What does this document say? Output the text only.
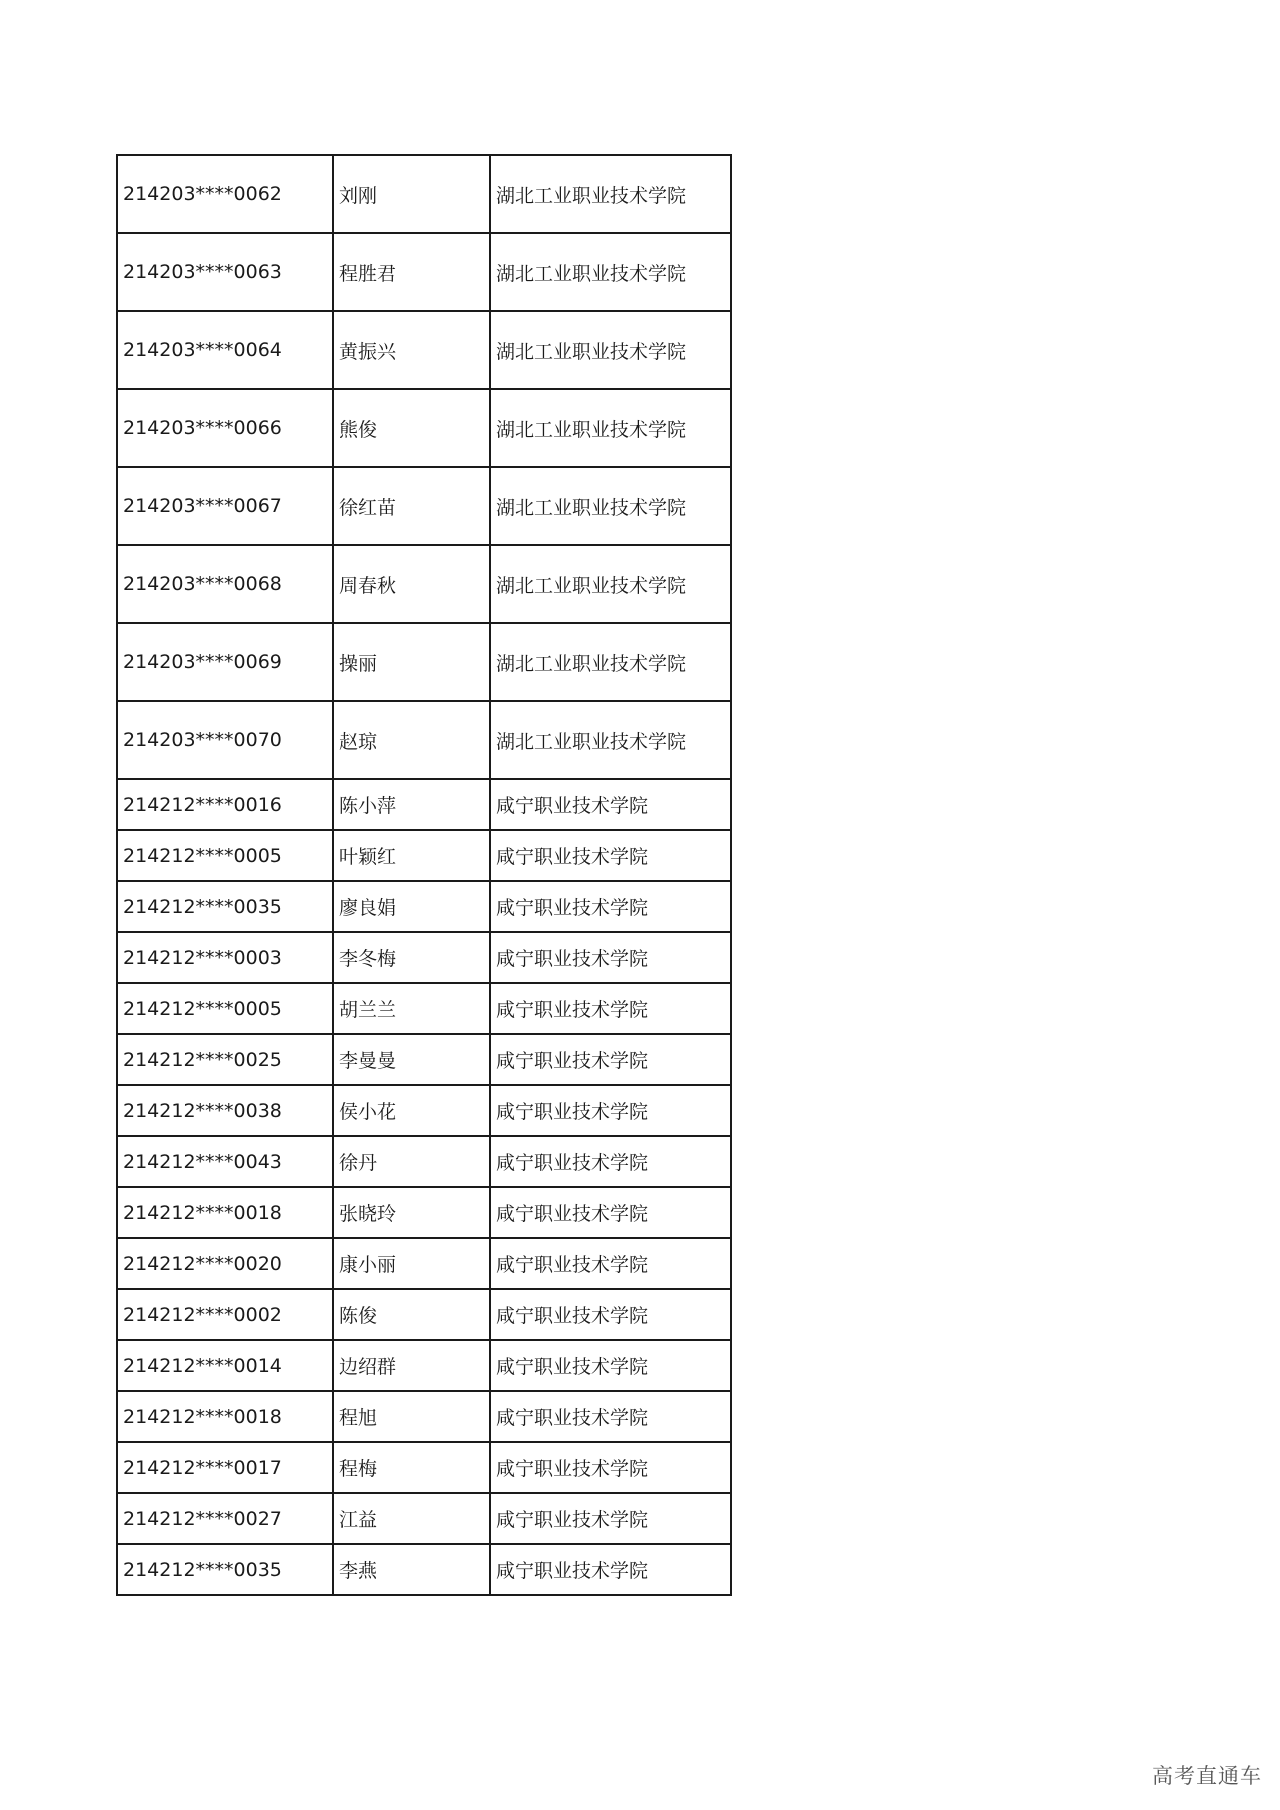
214203****0062	刘刚	湖北工业职业技术学院
214203****0063	程胜君	湖北工业职业技术学院
214203****0064	黄振兴	湖北工业职业技术学院
214203****0066	熊俊	湖北工业职业技术学院
214203****0067	徐红苗	湖北工业职业技术学院
214203****0068	周春秋	湖北工业职业技术学院
214203****0069	操丽	湖北工业职业技术学院
214203****0070	赵琼	湖北工业职业技术学院
214212****0016	陈小萍	咸宁职业技术学院
214212****0005	叶颖红	咸宁职业技术学院
214212****0035	廖良娟	咸宁职业技术学院
214212****0003	李冬梅	咸宁职业技术学院
214212****0005	胡兰兰	咸宁职业技术学院
214212****0025	李曼曼	咸宁职业技术学院
214212****0038	侯小花	咸宁职业技术学院
214212****0043	徐丹	咸宁职业技术学院
214212****0018	张晓玲	咸宁职业技术学院
214212****0020	康小丽	咸宁职业技术学院
214212****0002	陈俊	咸宁职业技术学院
214212****0014	边绍群	咸宁职业技术学院
214212****0018	程旭	咸宁职业技术学院
214212****0017	程梅	咸宁职业技术学院
214212****0027	江益	咸宁职业技术学院
214212****0035	李燕	咸宁职业技术学院
高考直通车
